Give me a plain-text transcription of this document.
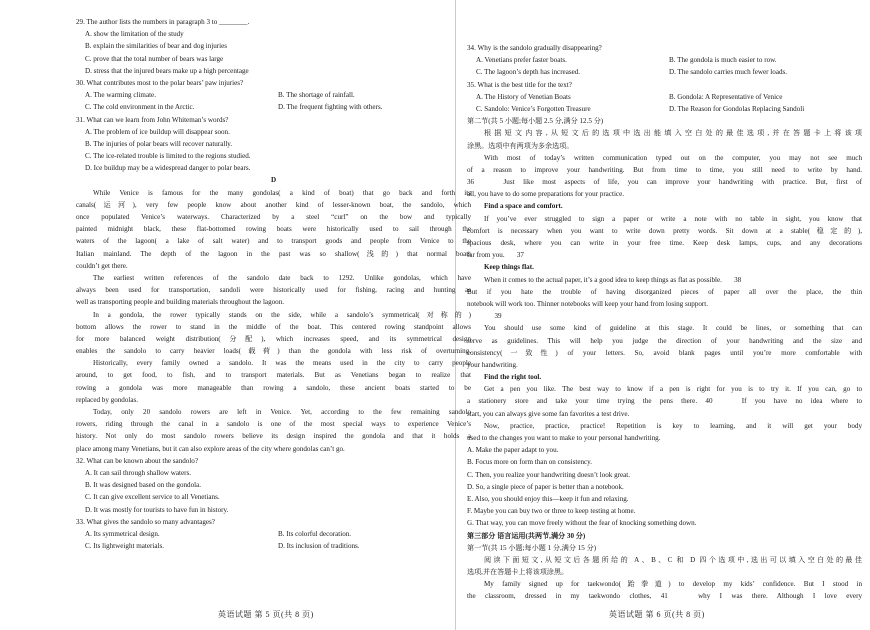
29. The author lists the numbers in paragraph 3 to ________.
A. show the limitation of the study
B. explain the similarities of bear and dog injuries
C. prove that the total number of bears was large
D. stress that the injured bears make up a high percentage
30. What contributes most to the polar bears’ paw injuries?
A. The warming climate.	B. The shortage of rainfall.
C. The cold environment in the Arctic.	D. The frequent fighting with others.
31. What can we learn from John Whiteman’s words?
A. The problem of ice buildup will disappear soon.
B. The injuries of polar bears will recover naturally.
C. The ice-related trouble is limited to the regions studied.
D. Ice buildup may be a widespread danger to polar bears.
D
While Venice is famous for the many gondolas( a kind of boat) that go back and forth its
canals(运河), very few people know about another kind of lesser-known boat, the sandolo, which
once populated Venice’s waterways. Characterized by a steel “curl” on the bow and typically
painted midnight black, these flat-bottomed rowing boats were historically used to sail through the
waters of the lagoon( a lake of salt water) and to transport goods and people from Venice to the
Italian mainland. The depth of the lagoon in the past was so shallow(浅的) that normal boats
couldn’t get there.
The earliest written references of the sandolo date back to 1292. Unlike gondolas, which have
always been used for transportation, sandoli were historically used for fishing, racing and hunting as
well as transporting people and building materials throughout the lagoon.
In a gondola, the rower typically stands on the side, while a sandolo’s symmetrical(对称的)
bottom allows the rower to stand in the middle of the boat. This centered rowing standpoint allows
for more balanced weight distribution(分配), which increases speed, and its symmetrical design
enables the sandolo to carry heavier loads(载荷) than the gondola with less risk of overturning.
Historically, every family owned a sandolo. It was the means used in the city to carry people
around, to get food, to fish, and to transport materials. But as Venetians began to realize that
rowing a gondola was more manageable than rowing a sandolo, these ancient boats started to be
replaced by gondolas.
Today, only 20 sandolo rowers are left in Venice. Yet, according to the few remaining sandolo
rowers, riding through the canal in a sandolo is one of the most special ways to experience Venice’s
history. Not only do most sandolo rowers believe its design inspired the gondola and that it holds a
place among many Venetians, but it can also explore areas of the city where gondolas can’t go.
32. What can be known about the sandolo?
A. It can sail through shallow waters.
B. It was designed based on the gondola.
C. It can give excellent service to all Venetians.
D. It was mostly for tourists to have fun in history.
33. What gives the sandolo so many advantages?
A. Its symmetrical design.	B. Its colorful decoration.
C. Its lightweight materials.	D. Its inclusion of traditions.
34. Why is the sandolo gradually disappearing?
A. Venetians prefer faster boats.	B. The gondola is much easier to row.
C. The lagoon’s depth has increased.	D. The sandolo carries much fewer loads.
35. What is the best title for the text?
A. The History of Venetian Boats	B. Gondola: A Representative of Venice
C. Sandolo: Venice’s Forgotten Treasure	D. The Reason for Gondolas Replacing Sandoli
第二节(共 5 小题;每小题 2.5 分,满分 12.5 分)
根据短文内容,从短文后的选项中选出能填入空白处的最佳选项,并在答题卡上将该项
涂黑。选项中有两项为多余选项。
With most of today’s written communication typed out on the computer, you may not see much
of a reason to improve your handwriting. But from time to time, you still need to write by hand.
36	Just like most aspects of life, you can improve your handwriting with practice. But, first of
all, you have to do some preparations for your practice.
Find a space and comfort.
If you’ve ever struggled to sign a paper or write a note with no table in sight, you know that
comfort is necessary when you want to write down pretty words. Sit down at a stable(稳定的),
spacious desk, where you can write in your free time. Keep desk lamps, cups, and any decorations
far from you. 37
Keep things flat.
When it comes to the actual paper, it’s a good idea to keep things as flat as possible. 38
But if you hate the trouble of having disorganized pieces of paper all over the place, the thin
notebook will work too. Thinner notebooks will keep your hand from losing support.
39
You should use some kind of guideline at this stage. It could be lines, or something that can
serve as guidelines. This will help you judge the direction of your handwriting and the size and
consistency(一致性) of your letters. So, avoid blank pages until you’re more comfortable with
your handwriting.
Find the right tool.
Get a pen you like. The best way to know if a pen is right for you is to try it. If you can, go to
a stationery store and take your time trying the pens there. 40	If you have no idea where to
start, you can always give some fan favorites a test drive.
Now, practice, practice, practice! Repetition is key to learning, and it will get your body
used to the changes you want to make to your personal handwriting.
A. Make the paper adapt to you.
B. Focus more on form than on consistency.
C. Then, you realize your handwriting doesn’t look great.
D. So, a single piece of paper is better than a notebook.
E. Also, you should enjoy this—keep it fun and relaxing.
F. Maybe you can buy two or three to keep testing at home.
G. That way, you can move freely without the fear of knocking something down.
第三部分 语言运用(共两节,满分 30 分)
第一节(共 15 小题;每小题 1 分,满分 15 分)
阅读下面短文,从短文后各题所给的 A、B、C 和 D 四个选项中,选出可以填入空白处的最佳
选项,并在答题卡上将该项涂黑。
My family signed up for taekwondo(跆拳道) to develop my kids’ confidence. But I stood in
the classroom, dressed in my taekwondo clothes, 41	why I was there. Although I love every
英语试题 第 5 页(共 8 页)	英语试题 第 6 页(共 8 页)
